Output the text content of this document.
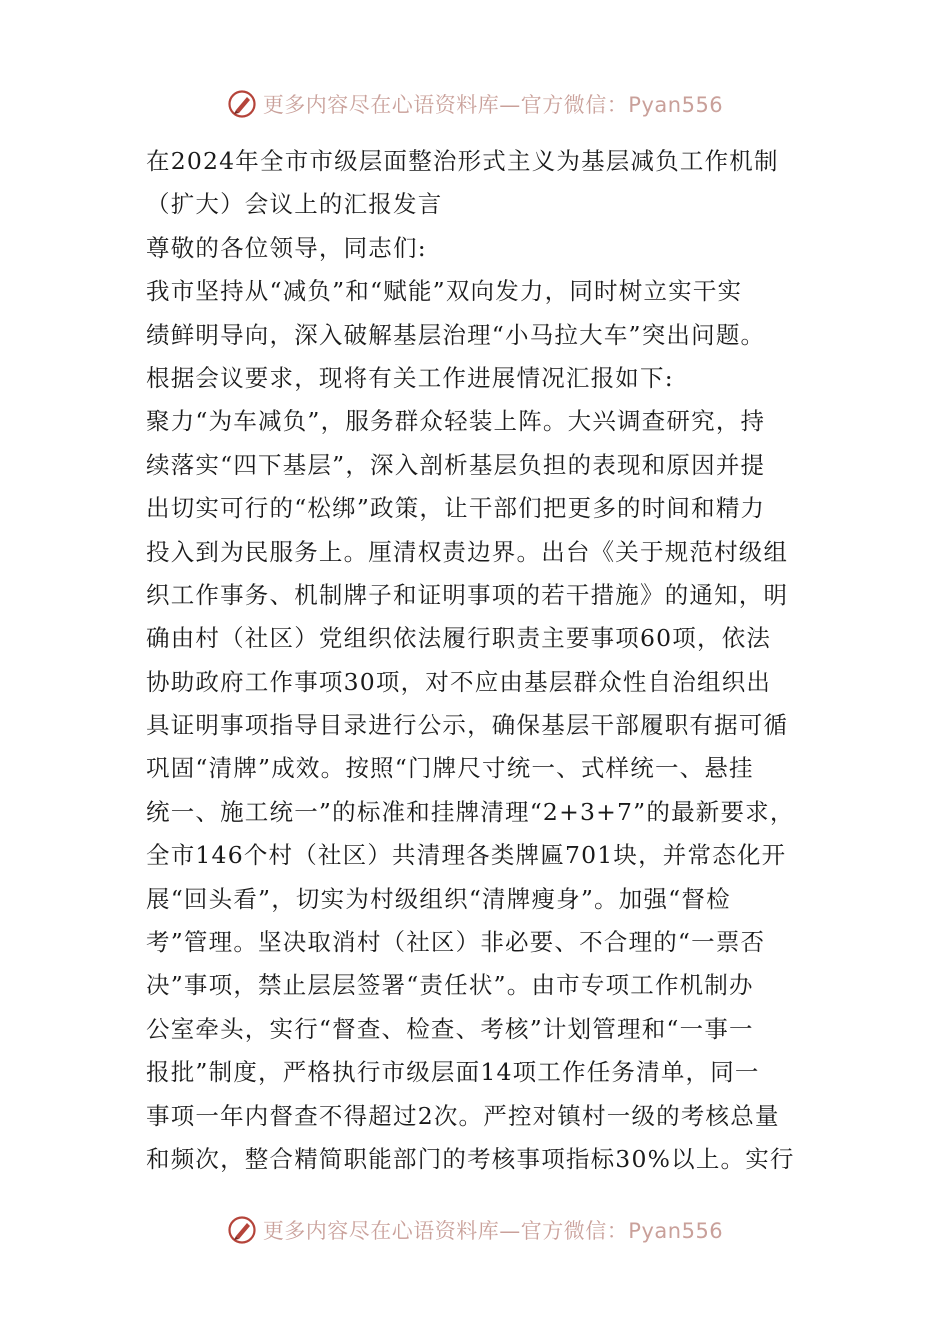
更多内容尽在心语资料库—官方微信：Pyan556
在2024年全市市级层面整治形式主义为基层减负工作机制
（扩大）会议上的汇报发言
尊敬的各位领导，同志们:
我市坚持从“减负”和“赋能”双向发力，同时树立实干实
绩鲜明导向，深入破解基层治理“小马拉大车”突出问题。
根据会议要求，现将有关工作进展情况汇报如下:
聚力“为车减负”，服务群众轻装上阵。大兴调查研究，持
续落实“四下基层”，深入剖析基层负担的表现和原因并提
出切实可行的“松绑”政策，让干部们把更多的时间和精力
投入到为民服务上。厘清权责边界。出台《关于规范村级组
织工作事务、机制牌子和证明事项的若干措施》的通知，明
确由村（社区）党组织依法履行职责主要事项60项，依法
协助政府工作事项30项，对不应由基层群众性自治组织出
具证明事项指导目录进行公示，确保基层干部履职有据可循
巩固“清牌”成效。按照“门牌尺寸统一、式样统一、悬挂
统一、施工统一”的标准和挂牌清理“2+3+7”的最新要求，
全市146个村（社区）共清理各类牌匾701块，并常态化开
展“回头看”，切实为村级组织“清牌瘦身”。加强“督检
考”管理。坚决取消村（社区）非必要、不合理的“一票否
决”事项，禁止层层签署“责任状”。由市专项工作机制办
公室牵头，实行“督查、检查、考核”计划管理和“一事一
报批”制度，严格执行市级层面14项工作任务清单，同一
事项一年内督查不得超过2次。严控对镇村一级的考核总量
和频次，整合精简职能部门的考核事项指标30%以上。实行
更多内容尽在心语资料库—官方微信：Pyan556
